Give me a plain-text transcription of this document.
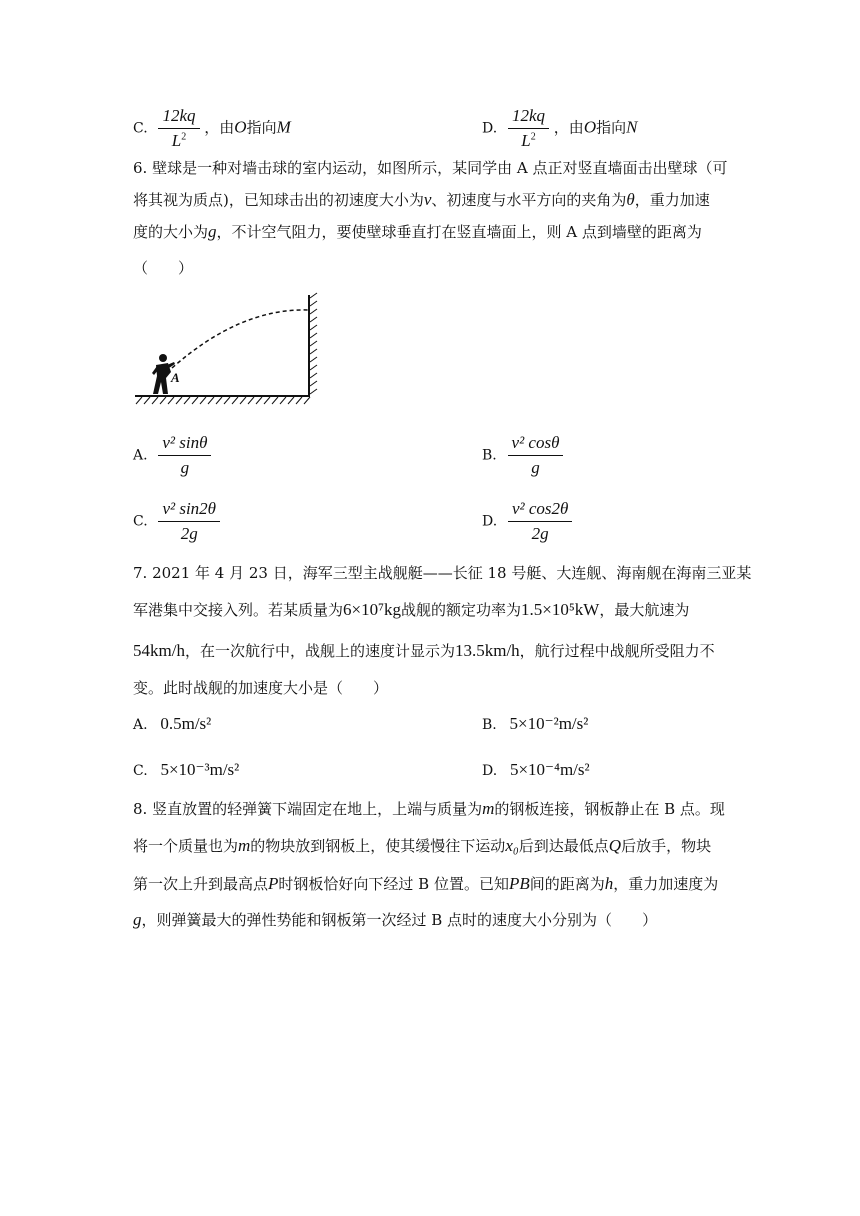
C. $\frac{12kq}{L^2}$ ，由O指向M	D. $\frac{12kq}{L^2}$ ，由O指向N
6. 壁球是一种对墙击球的室内运动，如图所示，某同学由 A 点正对竖直墙面击出壁球（可
将其视为质点)，已知球击出的初速度大小为v、初速度与水平方向的夹角为θ，重力加速
度的大小为g，不计空气阻力，要使壁球垂直打在竖直墙面上，则 A 点到墙壁的距离为
（　　）
A
A. $\frac{\text{v² sinθ}}{g}$	B. $\frac{\text{v² cosθ}}{g}$
C. $\frac{\text{v² sin2θ}}{2g}$	D. $\frac{\text{v² cos2θ}}{2g}$
7. 2021 年 4 月 23 日，海军三型主战舰艇——长征 18 号艇、大连舰、海南舰在海南三亚某
军港集中交接入列。若某质量为6×10⁷kg战舰的额定功率为1.5×10⁵kW，最大航速为
54km/h，在一次航行中，战舰上的速度计显示为13.5km/h，航行过程中战舰所受阻力不
变。此时战舰的加速度大小是（　　）
A. 0.5m/s²	B. 5×10⁻²m/s²
C. 5×10⁻³m/s²	D. 5×10⁻⁴m/s²
8. 竖直放置的轻弹簧下端固定在地上，上端与质量为m的钢板连接，钢板静止在 B 点。现
将一个质量也为m的物块放到钢板上，使其缓慢往下运动x₀后到达最低点Q后放手，物块
第一次上升到最高点P时钢板恰好向下经过 B 位置。已知PB间的距离为h，重力加速度为
g，则弹簧最大的弹性势能和钢板第一次经过 B 点时的速度大小分别为（　　）
